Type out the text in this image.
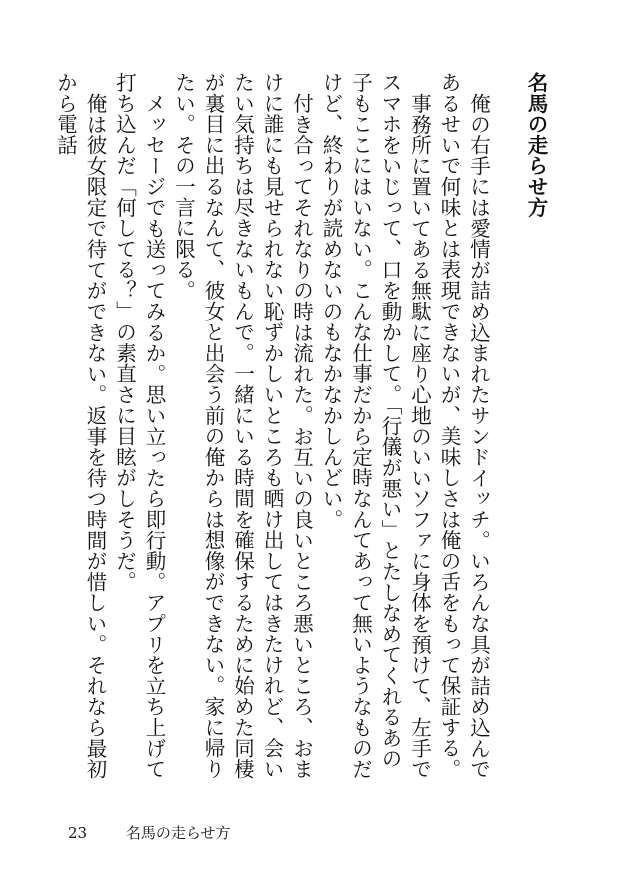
名馬の走らせ方

俺の右手には愛情が詰め込まれたサンドイッチ。いろんな具が詰め込んであるせいで何味とは表現できないが、美味しさは俺の舌をもって保証する。

事務所に置いてある無駄に座り心地のいいソファに身体を預けて、左手でスマホをいじって、口を動かして。「行儀が悪い」とたしなめてくれるあの子もここにはいない。こんな仕事だから定時なんてあって無いようなものだけど、終わりが読めないのもなかなかしんどい。

付き合ってそれなりの時は流れた。お互いの良いところ悪いところ、おまけに誰にも見せられない恥ずかしいところも晒け出してはきたけれど、会いたい気持ちは尽きないもんで。一緒にいる時間を確保するために始めた同棲が裏目に出るなんて、彼女と出会う前の俺からは想像ができない。家に帰りたい。その一言に限る。

メッセージでも送ってみるか。思い立ったら即行動。アプリを立ち上げて打ち込んだ「何してる？」の素直さに目眩がしそうだ。

俺は彼女限定で待てができない。返事を待つ時間が惜しい。それなら最初から電話

23	名馬の走らせ方
